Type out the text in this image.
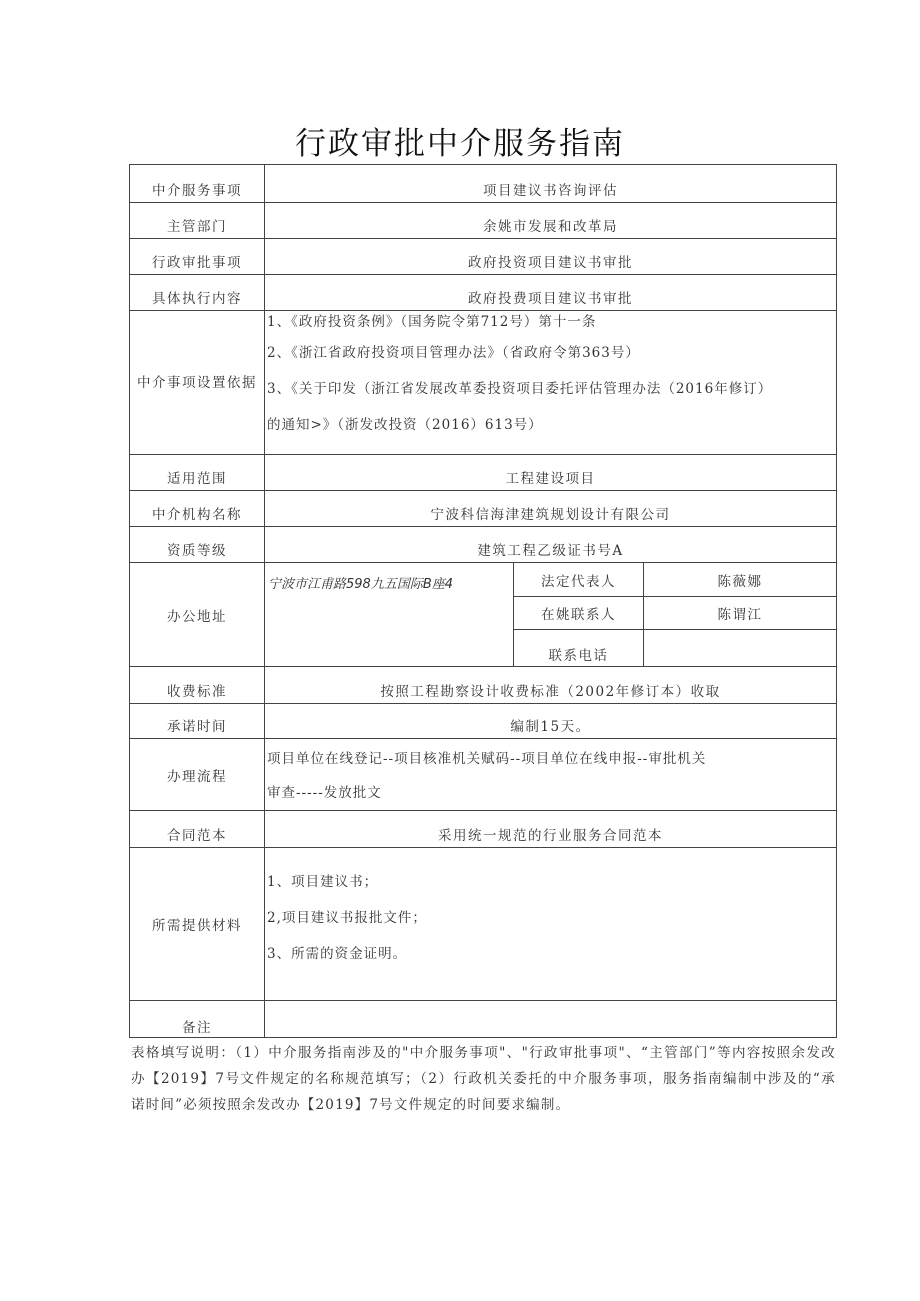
行政审批中介服务指南
中介服务事项	项目建议书咨询评估		
主管部门	余姚市发展和改革局		
行政审批事项	政府投资项目建议书审批		
具体执行内容	政府投费项目建议书审批		
中介事项设置依据	1、《政府投资条例》（国务院令第712号）第十一条
2、《浙江省政府投资项目管理办法》（省政府令第363号）
3、《关于印发（浙江省发展改革委投资项目委托评估管理办法（2016年修订）
的通知>》（浙发改投资（2016）613号）		

适用范围	工程建设项目		
中介机构名称	宁波科信海津建筑规划设计有限公司		
资质等级	建筑工程乙级证书号A		
办公地址	宁波市江甫路598九五国际B座4	法定代表人	陈薇娜
		在姚联系人	陈谓江
		联系电话	
收费标准	按照工程勘察设计收费标准（2002年修订本）收取		
承诺时间	编制15天。		
办理流程	项目单位在线登记--项目核准机关赋码--项目单位在线申报--审批机关
审查-----发放批文		

合同范本	采用统一规范的行业服务合同范本		
所需提供材料	1、项目建议书；
2,项目建议书报批文件；
3、所需的资金证明。		

备注			
表格填写说明：（1）中介服务指南涉及的"中介服务事项"、"行政审批事项"、“主管部门”等内容按照余发改办【2019】7号文件规定的名称规范填写；（2）行政机关委托的中介服务事项，服务指南编制中涉及的“承诺时间”必须按照余发改办【2019】7号文件规定的时间要求编制。
